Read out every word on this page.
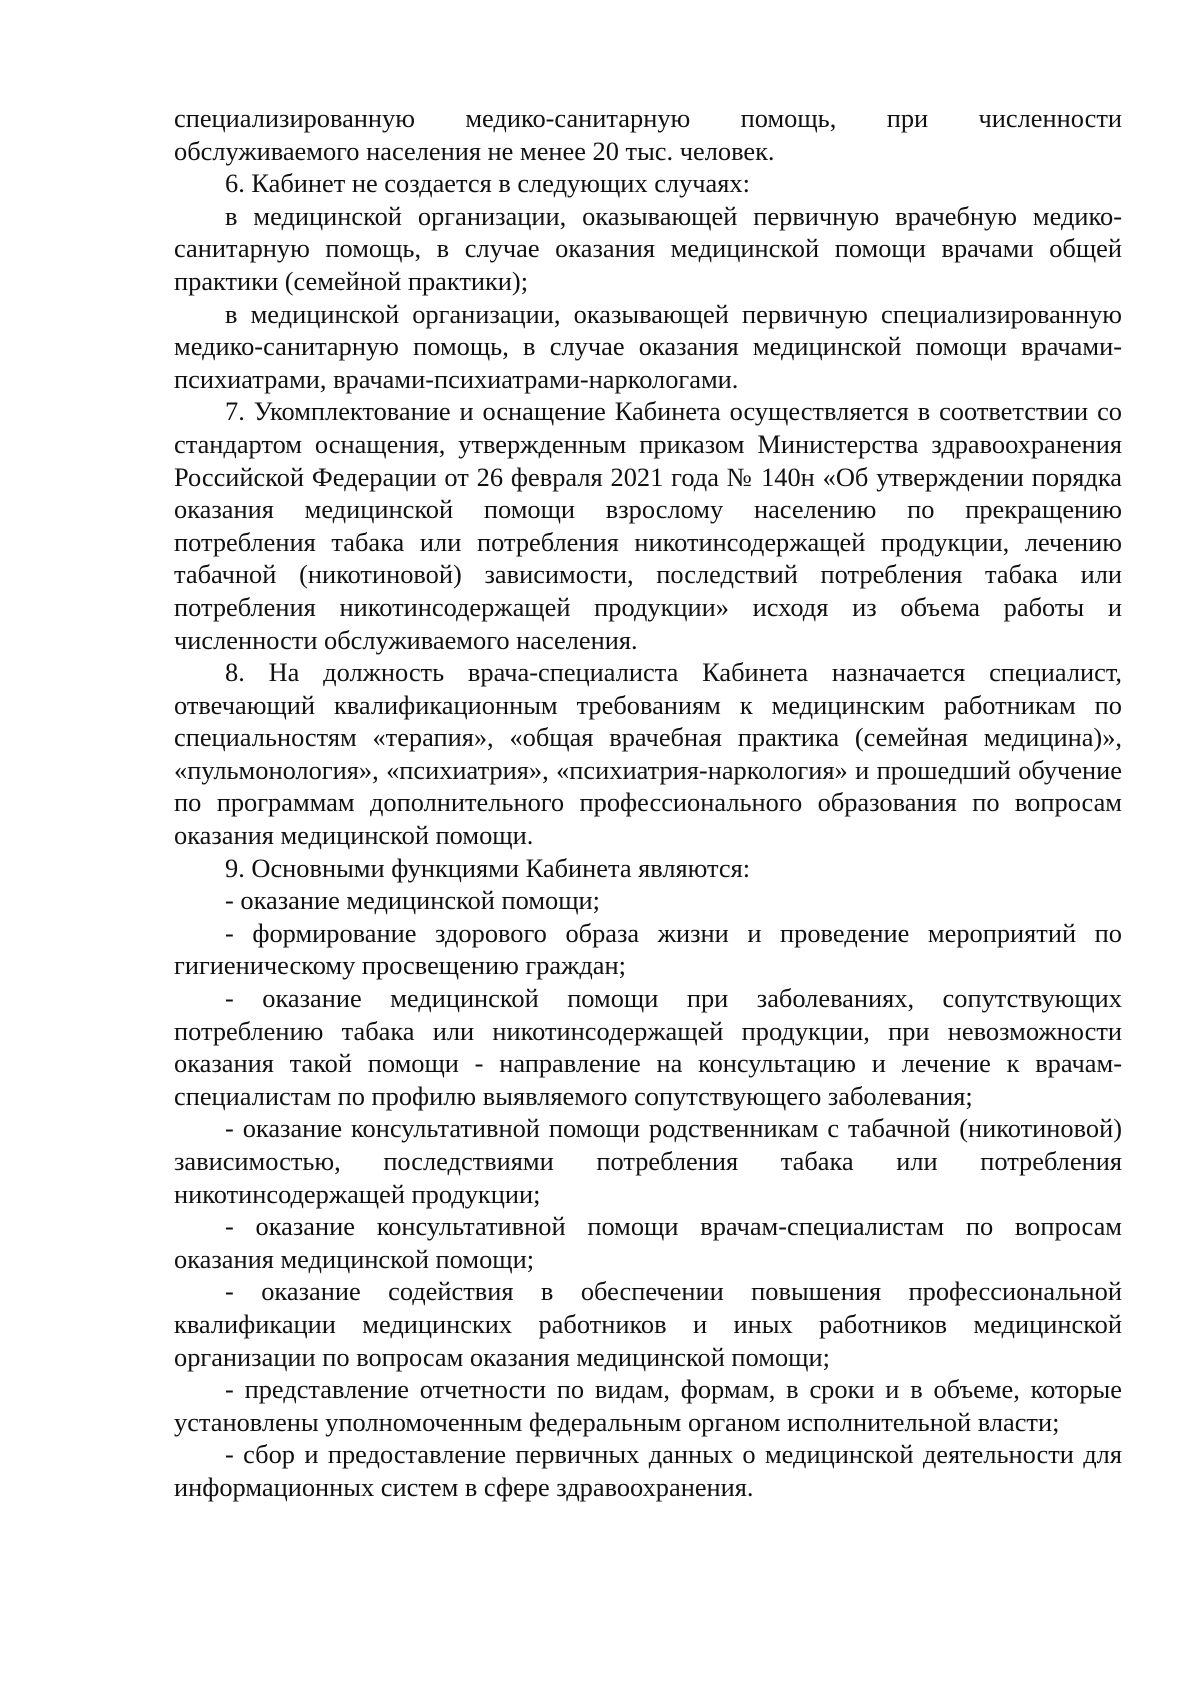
специализированную медико-санитарную помощь, при численности обслуживаемого населения не менее 20 тыс. человек.

6. Кабинет не создается в следующих случаях:

в медицинской организации, оказывающей первичную врачебную медико-санитарную помощь, в случае оказания медицинской помощи врачами общей практики (семейной практики);

в медицинской организации, оказывающей первичную специализированную медико-санитарную помощь, в случае оказания медицинской помощи врачами-психиатрами, врачами-психиатрами-наркологами.

7. Укомплектование и оснащение Кабинета осуществляется в соответствии со стандартом оснащения, утвержденным приказом Министерства здравоохранения Российской Федерации от 26 февраля 2021 года № 140н «Об утверждении порядка оказания медицинской помощи взрослому населению по прекращению потребления табака или потребления никотинсодержащей продукции, лечению табачной (никотиновой) зависимости, последствий потребления табака или потребления никотинсодержащей продукции» исходя из объема работы и численности обслуживаемого населения.

8. На должность врача-специалиста Кабинета назначается специалист, отвечающий квалификационным требованиям к медицинским работникам по специальностям «терапия», «общая врачебная практика (семейная медицина)», «пульмонология», «психиатрия», «психиатрия-наркология» и прошедший обучение по программам дополнительного профессионального образования по вопросам оказания медицинской помощи.

9. Основными функциями Кабинета являются:

- оказание медицинской помощи;

- формирование здорового образа жизни и проведение мероприятий по гигиеническому просвещению граждан;

- оказание медицинской помощи при заболеваниях, сопутствующих потреблению табака или никотинсодержащей продукции, при невозможности оказания такой помощи - направление на консультацию и лечение к врачам-специалистам по профилю выявляемого сопутствующего заболевания;

- оказание консультативной помощи родственникам с табачной (никотиновой) зависимостью, последствиями потребления табака или потребления никотинсодержащей продукции;

- оказание консультативной помощи врачам-специалистам по вопросам оказания медицинской помощи;

- оказание содействия в обеспечении повышения профессиональной квалификации медицинских работников и иных работников медицинской организации по вопросам оказания медицинской помощи;

- представление отчетности по видам, формам, в сроки и в объеме, которые установлены уполномоченным федеральным органом исполнительной власти;

- сбор и предоставление первичных данных о медицинской деятельности для информационных систем в сфере здравоохранения.
